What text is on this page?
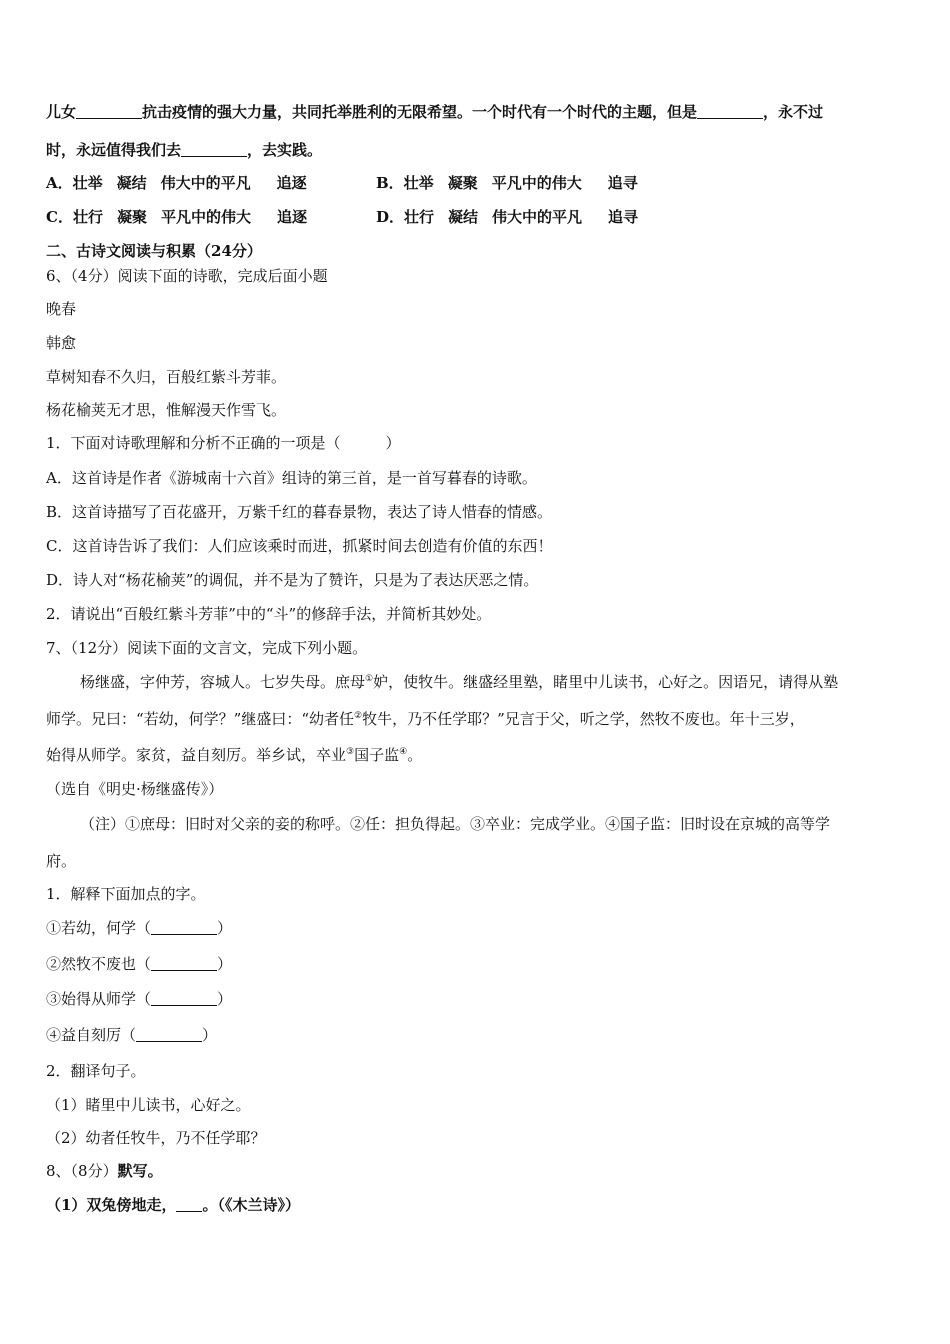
儿女	抗击疫情的强大力量，共同托举胜利的无限希望。一个时代有一个时代的主题，但是	，永不过
时，永远值得我们去	，去实践。
A．壮举 凝结 伟大中的平凡 追逐	B．壮举 凝聚 平凡中的伟大 追寻
C．壮行 凝聚 平凡中的伟大 追逐	D．壮行 凝结 伟大中的平凡 追寻
二、古诗文阅读与积累（24分）
6、（4分）阅读下面的诗歌，完成后面小题
晚春
韩愈
草树知春不久归，百般红紫斗芳菲。
杨花榆荚无才思，惟解漫天作雪飞。
1．下面对诗歌理解和分析不正确的一项是（　　　）
A．这首诗是作者《游城南十六首》组诗的第三首，是一首写暮春的诗歌。
B．这首诗描写了百花盛开，万紫千红的暮春景物，表达了诗人惜春的情感。
C．这首诗告诉了我们：人们应该乘时而进，抓紧时间去创造有价值的东西！
D．诗人对“杨花榆荚”的调侃，并不是为了赞许，只是为了表达厌恶之情。
2．请说出“百般红紫斗芳菲”中的“斗”的修辞手法，并简析其妙处。
7、（12分）阅读下面的文言文，完成下列小题。
杨继盛，字仲芳，容城人。七岁失母。庶母①妒，使牧牛。继盛经里塾，睹里中儿读书，心好之。因语兄，请得从塾
师学。兄曰：“若幼，何学？”继盛曰：“幼者任②牧牛，乃不任学耶？”兄言于父，听之学，然牧不废也。年十三岁，
始得从师学。家贫，益自刻厉。举乡试，卒业③国子监④。
（选自《明史·杨继盛传》）
（注）①庶母：旧时对父亲的妾的称呼。②任：担负得起。③卒业：完成学业。④国子监：旧时设在京城的高等学
府。
1．解释下面加点的字。
①若幼，何学（	）
②然牧不废也（	）
③始得从师学（	）
④益自刻厉（	）
2．翻译句子。
（1）睹里中儿读书，心好之。
（2）幼者任牧牛，乃不任学耶？
8、（8分）默写。
（1）双兔傍地走， 。（《木兰诗》）
